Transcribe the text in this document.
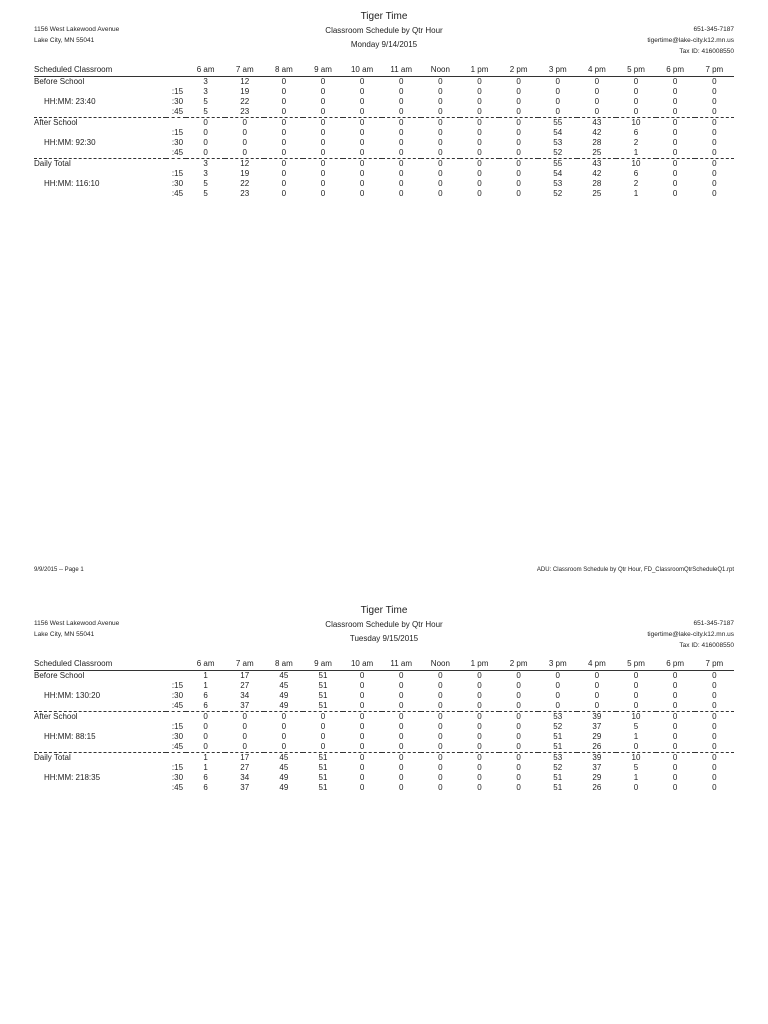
1156 West Lakewood Avenue
Lake City, MN 55041
Tiger Time
Classroom Schedule by Qtr Hour
Monday 9/14/2015
651-345-7187
tigertime@lake-city.k12.mn.us
Tax ID: 416008550
Scheduled Classroom		6 am	7 am	8 am	9 am	10 am	11 am	Noon	1 pm	2 pm	3 pm	4 pm	5 pm	6 pm	7 pm
Before School		3	12	0	0	0	0	0	0	0	0	0	0	0	0
	:15	3	19	0	0	0	0	0	0	0	0	0	0	0	0
HH:MM: 23:40	:30	5	22	0	0	0	0	0	0	0	0	0	0	0	0
	:45	5	23	0	0	0	0	0	0	0	0	0	0	0	0
After School		0	0	0	0	0	0	0	0	0	55	43	10	0	0
	:15	0	0	0	0	0	0	0	0	0	54	42	6	0	0
HH:MM: 92:30	:30	0	0	0	0	0	0	0	0	0	53	28	2	0	0
	:45	0	0	0	0	0	0	0	0	0	52	25	1	0	0
Daily Total		3	12	0	0	0	0	0	0	0	55	43	10	0	0
	:15	3	19	0	0	0	0	0	0	0	54	42	6	0	0
HH:MM: 116:10	:30	5	22	0	0	0	0	0	0	0	53	28	2	0	0
	:45	5	23	0	0	0	0	0	0	0	52	25	1	0	0
9/9/2015 -- Page 1	ADU: Classroom Schedule by Qtr Hour, FD_ClassroomQtrScheduleQ1.rpt
1156 West Lakewood Avenue
Lake City, MN 55041
Tiger Time
Classroom Schedule by Qtr Hour
Tuesday 9/15/2015
651-345-7187
tigertime@lake-city.k12.mn.us
Tax ID: 416008550
Scheduled Classroom		6 am	7 am	8 am	9 am	10 am	11 am	Noon	1 pm	2 pm	3 pm	4 pm	5 pm	6 pm	7 pm
Before School		1	17	45	51	0	0	0	0	0	0	0	0	0	0
	:15	1	27	45	51	0	0	0	0	0	0	0	0	0	0
HH:MM: 130:20	:30	6	34	49	51	0	0	0	0	0	0	0	0	0	0
	:45	6	37	49	51	0	0	0	0	0	0	0	0	0	0
After School		0	0	0	0	0	0	0	0	0	53	39	10	0	0
	:15	0	0	0	0	0	0	0	0	0	52	37	5	0	0
HH:MM: 88:15	:30	0	0	0	0	0	0	0	0	0	51	29	1	0	0
	:45	0	0	0	0	0	0	0	0	0	51	26	0	0	0
Daily Total		1	17	45	51	0	0	0	0	0	53	39	10	0	0
	:15	1	27	45	51	0	0	0	0	0	52	37	5	0	0
HH:MM: 218:35	:30	6	34	49	51	0	0	0	0	0	51	29	1	0	0
	:45	6	37	49	51	0	0	0	0	0	51	26	0	0	0
